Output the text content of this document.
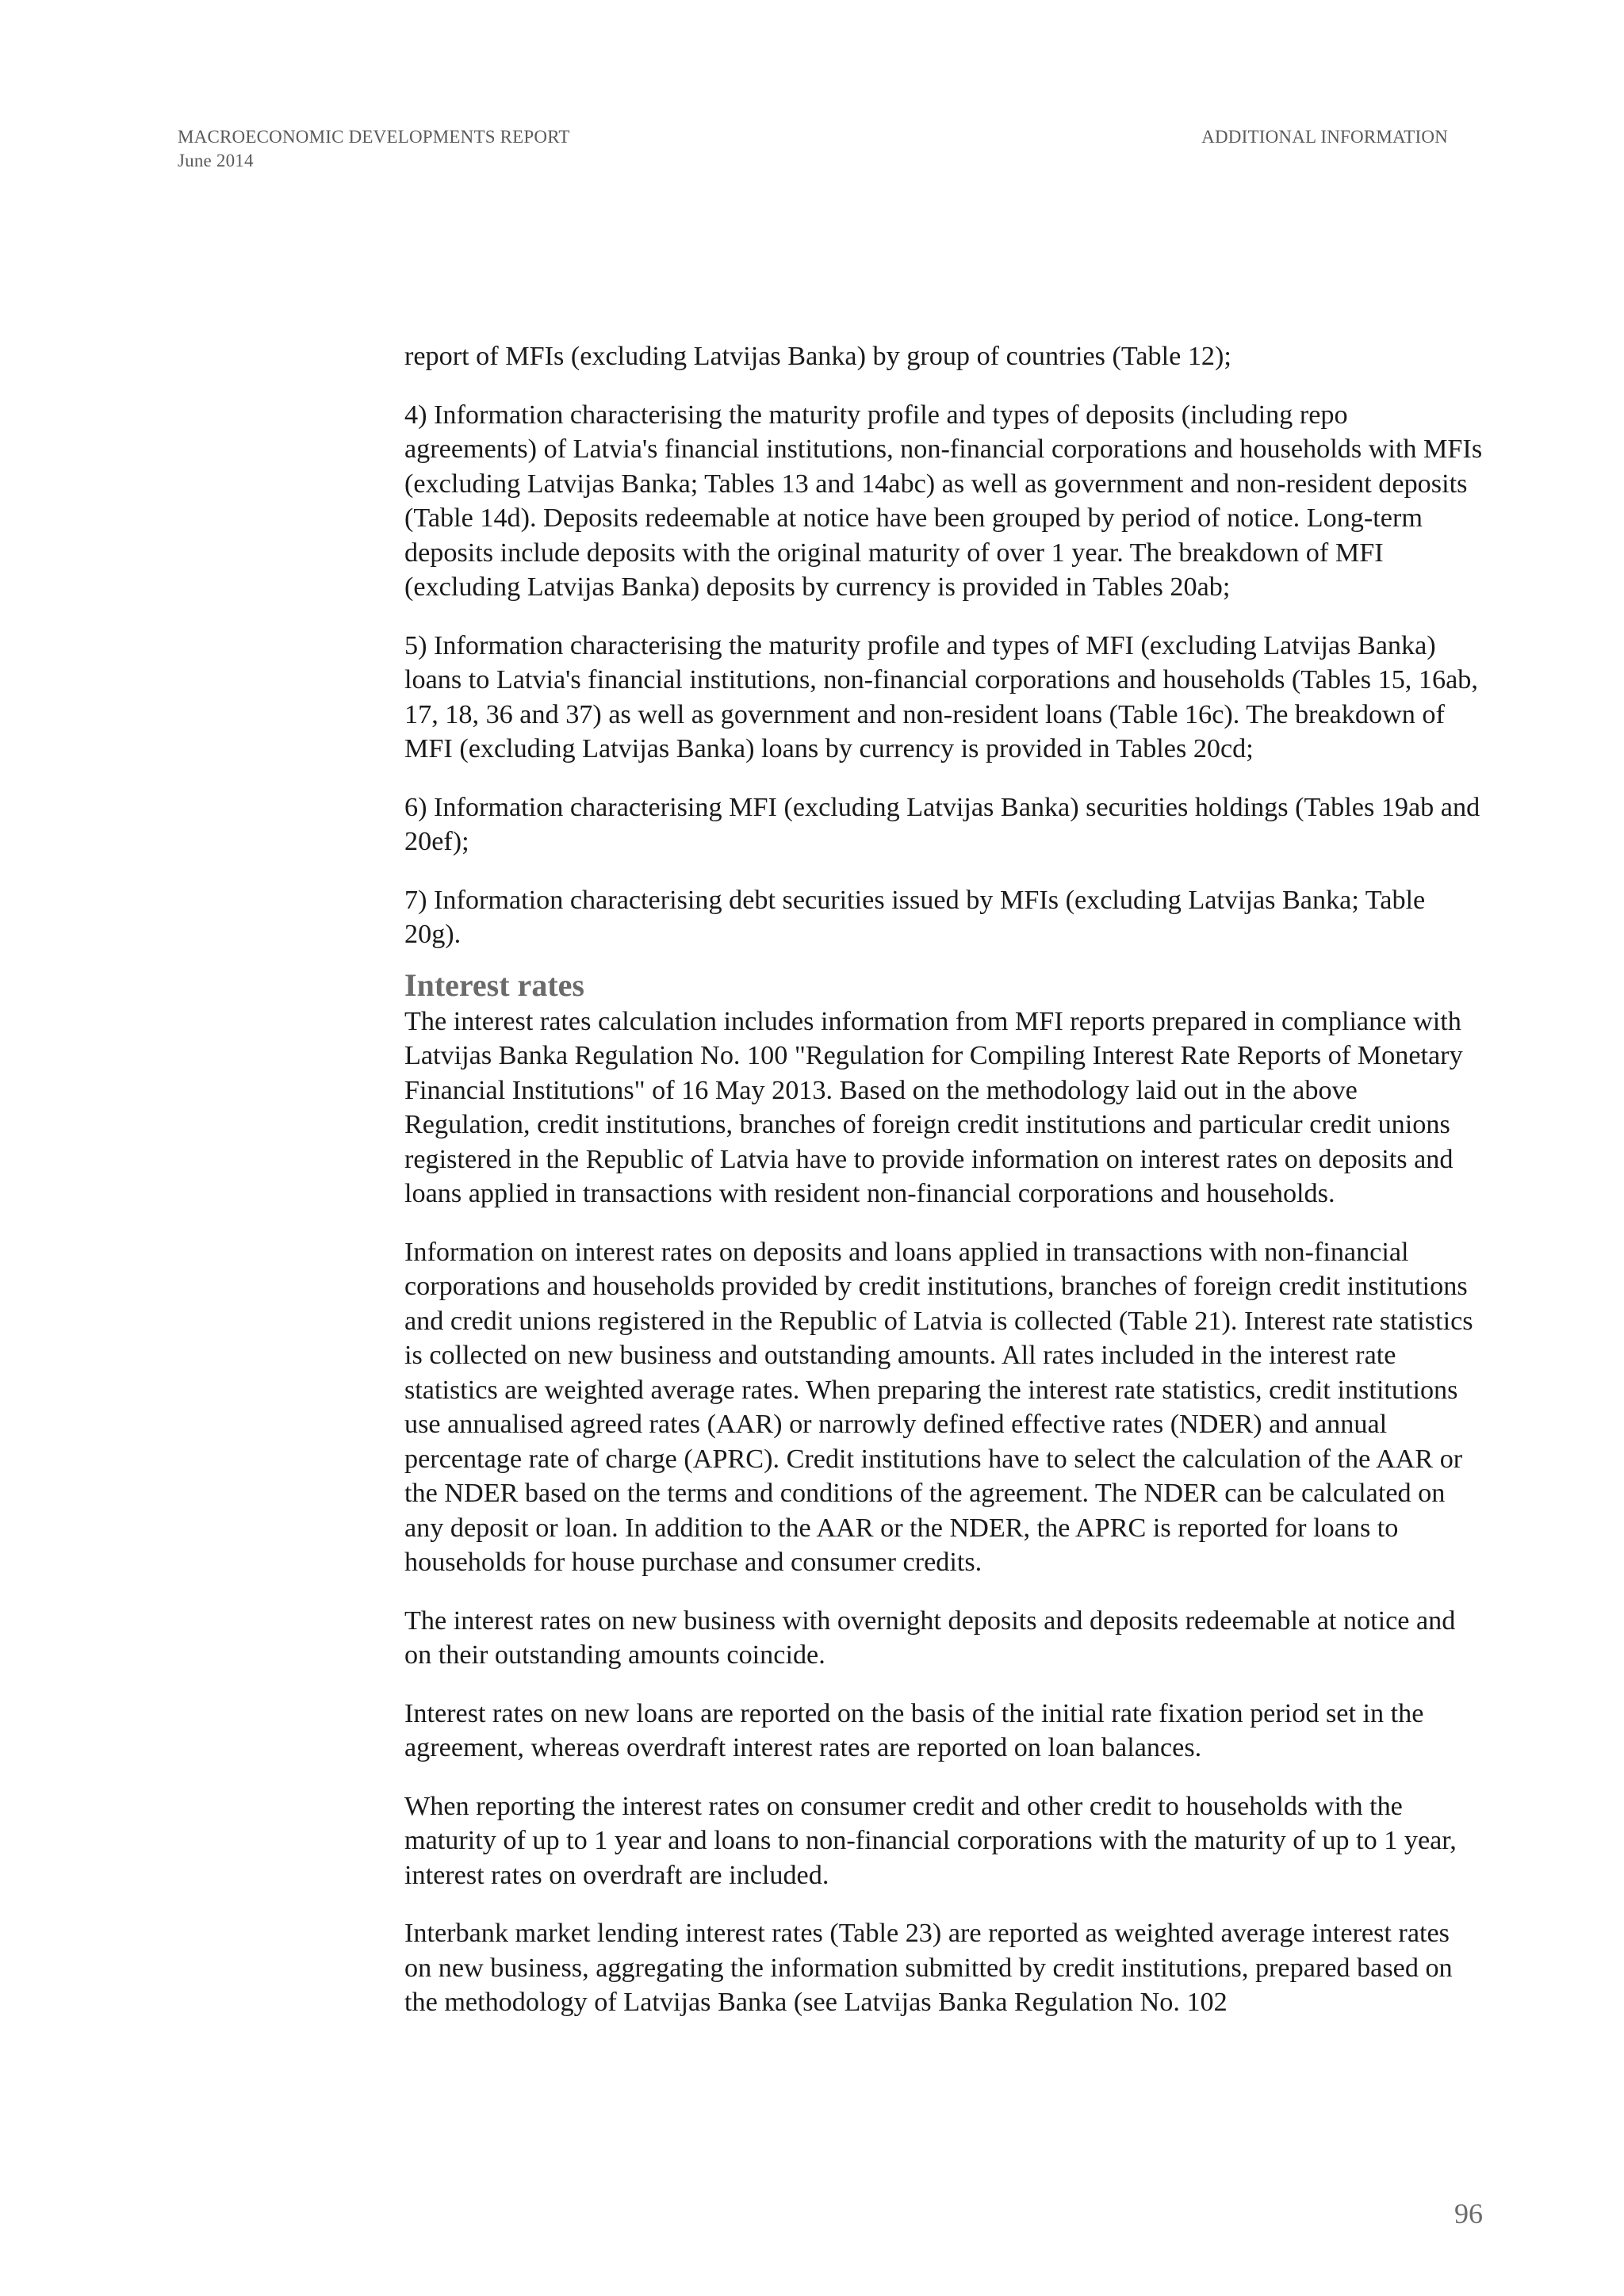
MACROECONOMIC DEVELOPMENTS REPORT
June 2014
ADDITIONAL INFORMATION

report of MFIs (excluding Latvijas Banka) by group of countries (Table 12);

4) Information characterising the maturity profile and types of deposits (including repo agreements) of Latvia's financial institutions, non-financial corporations and households with MFIs (excluding Latvijas Banka; Tables 13 and 14abc) as well as government and non-resident deposits (Table 14d). Deposits redeemable at notice have been grouped by period of notice. Long-term deposits include deposits with the original maturity of over 1 year. The breakdown of MFI (excluding Latvijas Banka) deposits by currency is provided in Tables 20ab;

5) Information characterising the maturity profile and types of MFI (excluding Latvijas Banka) loans to Latvia's financial institutions, non-financial corporations and households (Tables 15, 16ab, 17, 18, 36 and 37) as well as government and non-resident loans (Table 16c). The breakdown of MFI (excluding Latvijas Banka) loans by currency is provided in Tables 20cd;

6) Information characterising MFI (excluding Latvijas Banka) securities holdings (Tables 19ab and 20ef);

7) Information characterising debt securities issued by MFIs (excluding Latvijas Banka; Table 20g).

Interest rates

The interest rates calculation includes information from MFI reports prepared in compliance with Latvijas Banka Regulation No. 100 "Regulation for Compiling Interest Rate Reports of Monetary Financial Institutions" of 16 May 2013. Based on the methodology laid out in the above Regulation, credit institutions, branches of foreign credit institutions and particular credit unions registered in the Republic of Latvia have to provide information on interest rates on deposits and loans applied in transactions with resident non-financial corporations and households.

Information on interest rates on deposits and loans applied in transactions with non-financial corporations and households provided by credit institutions, branches of foreign credit institutions and credit unions registered in the Republic of Latvia is collected (Table 21). Interest rate statistics is collected on new business and outstanding amounts. All rates included in the interest rate statistics are weighted average rates. When preparing the interest rate statistics, credit institutions use annualised agreed rates (AAR) or narrowly defined effective rates (NDER) and annual percentage rate of charge (APRC). Credit institutions have to select the calculation of the AAR or the NDER based on the terms and conditions of the agreement. The NDER can be calculated on any deposit or loan. In addition to the AAR or the NDER, the APRC is reported for loans to households for house purchase and consumer credits.

The interest rates on new business with overnight deposits and deposits redeemable at notice and on their outstanding amounts coincide.

Interest rates on new loans are reported on the basis of the initial rate fixation period set in the agreement, whereas overdraft interest rates are reported on loan balances.

When reporting the interest rates on consumer credit and other credit to households with the maturity of up to 1 year and loans to non-financial corporations with the maturity of up to 1 year, interest rates on overdraft are included.

Interbank market lending interest rates (Table 23) are reported as weighted average interest rates on new business, aggregating the information submitted by credit institutions, prepared based on the methodology of Latvijas Banka (see Latvijas Banka Regulation No. 102

96
